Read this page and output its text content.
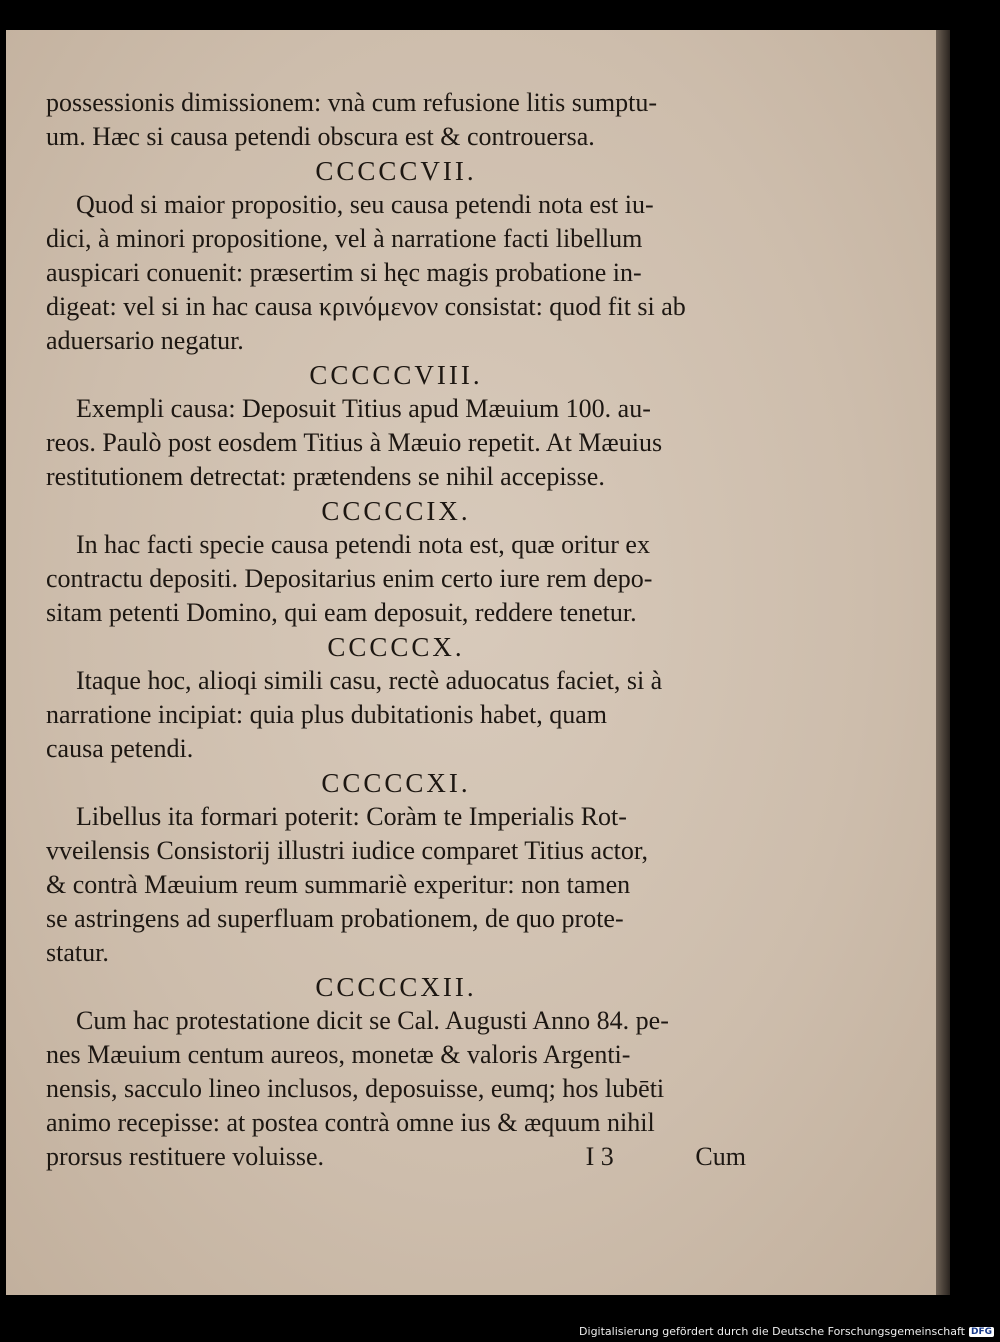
possessionis dimissionem: vnà cum refusione litis sumptu-
um. Hæc si causa petendi obscura est & controuersa.
CCCCCVII.
Quod si maior propositio, seu causa petendi nota est iu-
dici, à minori propositione, vel à narratione facti libellum
auspicari conuenit: præsertim si hęc magis probatione in-
digeat: vel si in hac causa κρινόμενον consistat: quod fit si ab
aduersario negatur.
CCCCCVIII.
Exempli causa: Deposuit Titius apud Mæuium 100. au-
reos. Paulò post eosdem Titius à Mæuio repetit. At Mæuius
restitutionem detrectat: prætendens se nihil accepisse.
CCCCCIX.
In hac facti specie causa petendi nota est, quæ oritur ex
contractu depositi. Depositarius enim certo iure rem depo-
sitam petenti Domino, qui eam deposuit, reddere tenetur.
CCCCCX.
Itaque hoc, alioqi simili casu, rectè aduocatus faciet, si à
narratione incipiat: quia plus dubitationis habet, quam
causa petendi.
CCCCCXI.
Libellus ita formari poterit: Coràm te Imperialis Rot-
vveilensis Consistorij illustri iudice comparet Titius actor,
& contrà Mæuium reum summariè experitur: non tamen
se astringens ad superfluam probationem, de quo prote-
statur.
CCCCCXII.
Cum hac protestatione dicit se Cal. Augusti Anno 84. pe-
nes Mæuium centum aureos, monetæ & valoris Argenti-
nensis, sacculo lineo inclusos, deposuisse, eumq; hos lubēti
animo recepisse: at postea contrà omne ius & æquum nihil
prorsus restituere voluisse.	I 3	Cum
Digitalisierung gefördert durch die Deutsche Forschungsgemeinschaft DFG
